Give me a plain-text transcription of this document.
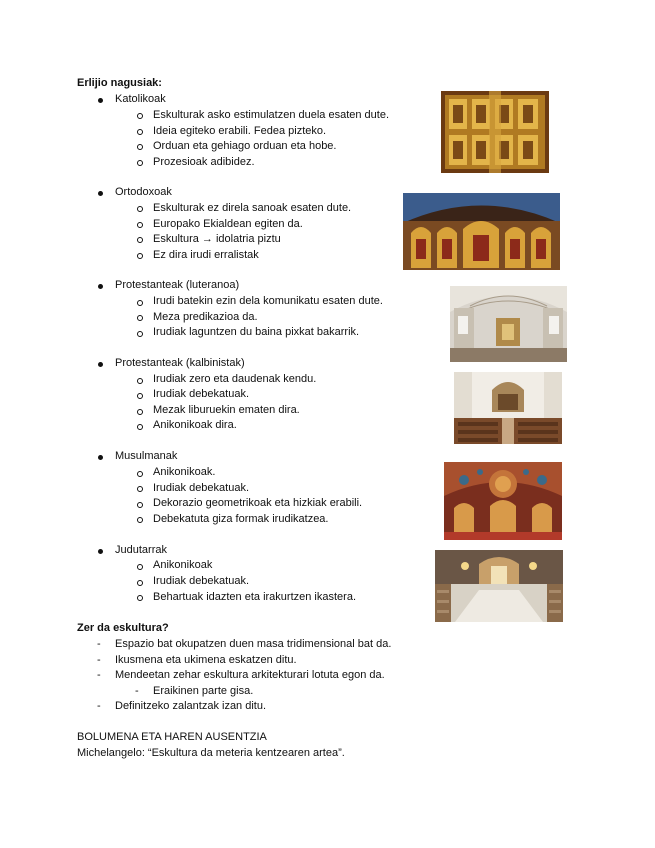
Erlijio nagusiak:
Katolikoak
Eskulturak asko estimulatzen duela esaten dute.
Ideia egiteko erabili. Fedea pizteko.
Orduan eta gehiago orduan eta hobe.
Prozesioak adibidez.
Ortodoxoak
Eskulturak ez direla sanoak esaten dute.
Europako Ekialdean egiten da.
Eskultura → idolatria piztu
Ez dira irudi erralistak
Protestanteak (luteranoa)
Irudi batekin ezin dela komunikatu esaten dute.
Meza predikazioa da.
Irudiak laguntzen du baina pixkat bakarrik.
Protestanteak (kalbinistak)
Irudiak zero eta daudenak kendu.
Irudiak debekatuak.
Mezak liburuekin ematen dira.
Anikonikoak dira.
Musulmanak
Anikonikoak.
Irudiak debekatuak.
Dekorazio geometrikoak eta hizkiak erabili.
Debekatuta giza formak irudikatzea.
Judutarrak
Anikonikoak
Irudiak debekatuak.
Behartuak idazten eta irakurtzen ikastera.
Zer da eskultura?
- Espazio bat okupatzen duen masa tridimensional bat da.
- Ikusmena eta ukimena eskatzen ditu.
- Mendeetan zehar eskultura arkitekturari lotuta egon da.
- Eraikinen parte gisa.
- Definitzeko zalantzak izan ditu.
BOLUMENA ETA HAREN AUSENTZIA
Michelangelo: “Eskultura da meteria kentzearen artea”.
